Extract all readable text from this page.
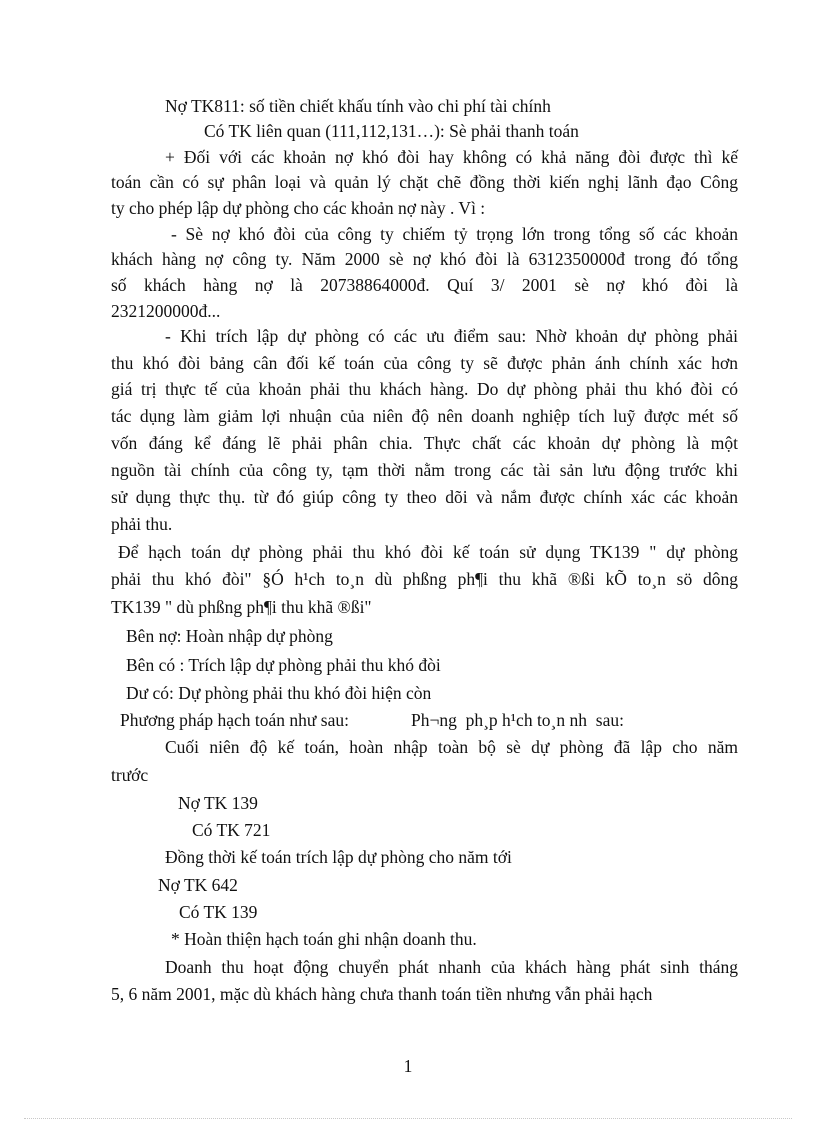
Nợ TK811: số tiền chiết khấu tính vào chi phí tài chính
Có TK liên quan (111,112,131…): Sè phải thanh toán
+ Đối với các khoản nợ khó đòi hay không có khả năng đòi được thì kế
toán cần có sự phân loại và quản lý chặt chẽ đồng thời kiến nghị lãnh đạo Công
ty cho phép lập dự phòng cho các khoản nợ này . Vì :
- Sè nợ khó đòi của công ty chiếm tỷ trọng lớn trong tổng số các khoản
khách hàng nợ công ty. Năm 2000 sè nợ khó đòi là 6312350000đ trong đó tổng
số khách hàng nợ là 20738864000đ. Quí 3/ 2001 sè nợ khó đòi là
2321200000đ...
- Khi trích lập dự phòng có các ưu điểm sau: Nhờ khoản dự phòng phải
thu khó đòi bảng cân đối kế toán của công ty sẽ được phản ánh chính xác hơn
giá trị thực tế của khoản phải thu khách hàng. Do dự phòng phải thu khó đòi có
tác dụng làm giảm lợi nhuận của niên độ nên doanh nghiệp tích luỹ được mét số
vốn đáng kể đáng lẽ phải phân chia. Thực chất các khoản dự phòng là một
nguồn tài chính của công ty, tạm thời nằm trong các tài sản lưu động trước khi
sử dụng thực thụ. từ đó giúp công ty theo dõi và nắm được chính xác các khoản
phải thu.
Để hạch toán dự phòng phải thu khó đòi kế toán sử dụng TK139 " dự phòng
phải thu khó đòi" §Ó h¹ch to¸n dù phßng ph¶i thu khã ®ßi kÕ to¸n sö dông
TK139 " dù phßng ph¶i thu khã ®ßi"
Bên nợ: Hoàn nhập dự phòng
Bên có : Trích lập dự phòng phải thu khó đòi
Dư có: Dự phòng phải thu khó đòi hiện còn
Phương pháp hạch toán như sau:	Ph¬ng  ph¸p h¹ch to¸n nh  sau:
Cuối niên độ kế toán, hoàn nhập toàn bộ sè dự phòng đã lập cho năm
trước
Nợ TK 139
Có TK 721
Đồng thời kế toán trích lập dự phòng cho năm tới
Nợ TK 642
Có TK 139
* Hoàn thiện hạch toán ghi nhận doanh thu.
Doanh thu hoạt động chuyển phát nhanh của khách hàng phát sinh tháng
5, 6 năm 2001, mặc dù khách hàng chưa thanh toán tiền nhưng vẫn phải hạch
1
